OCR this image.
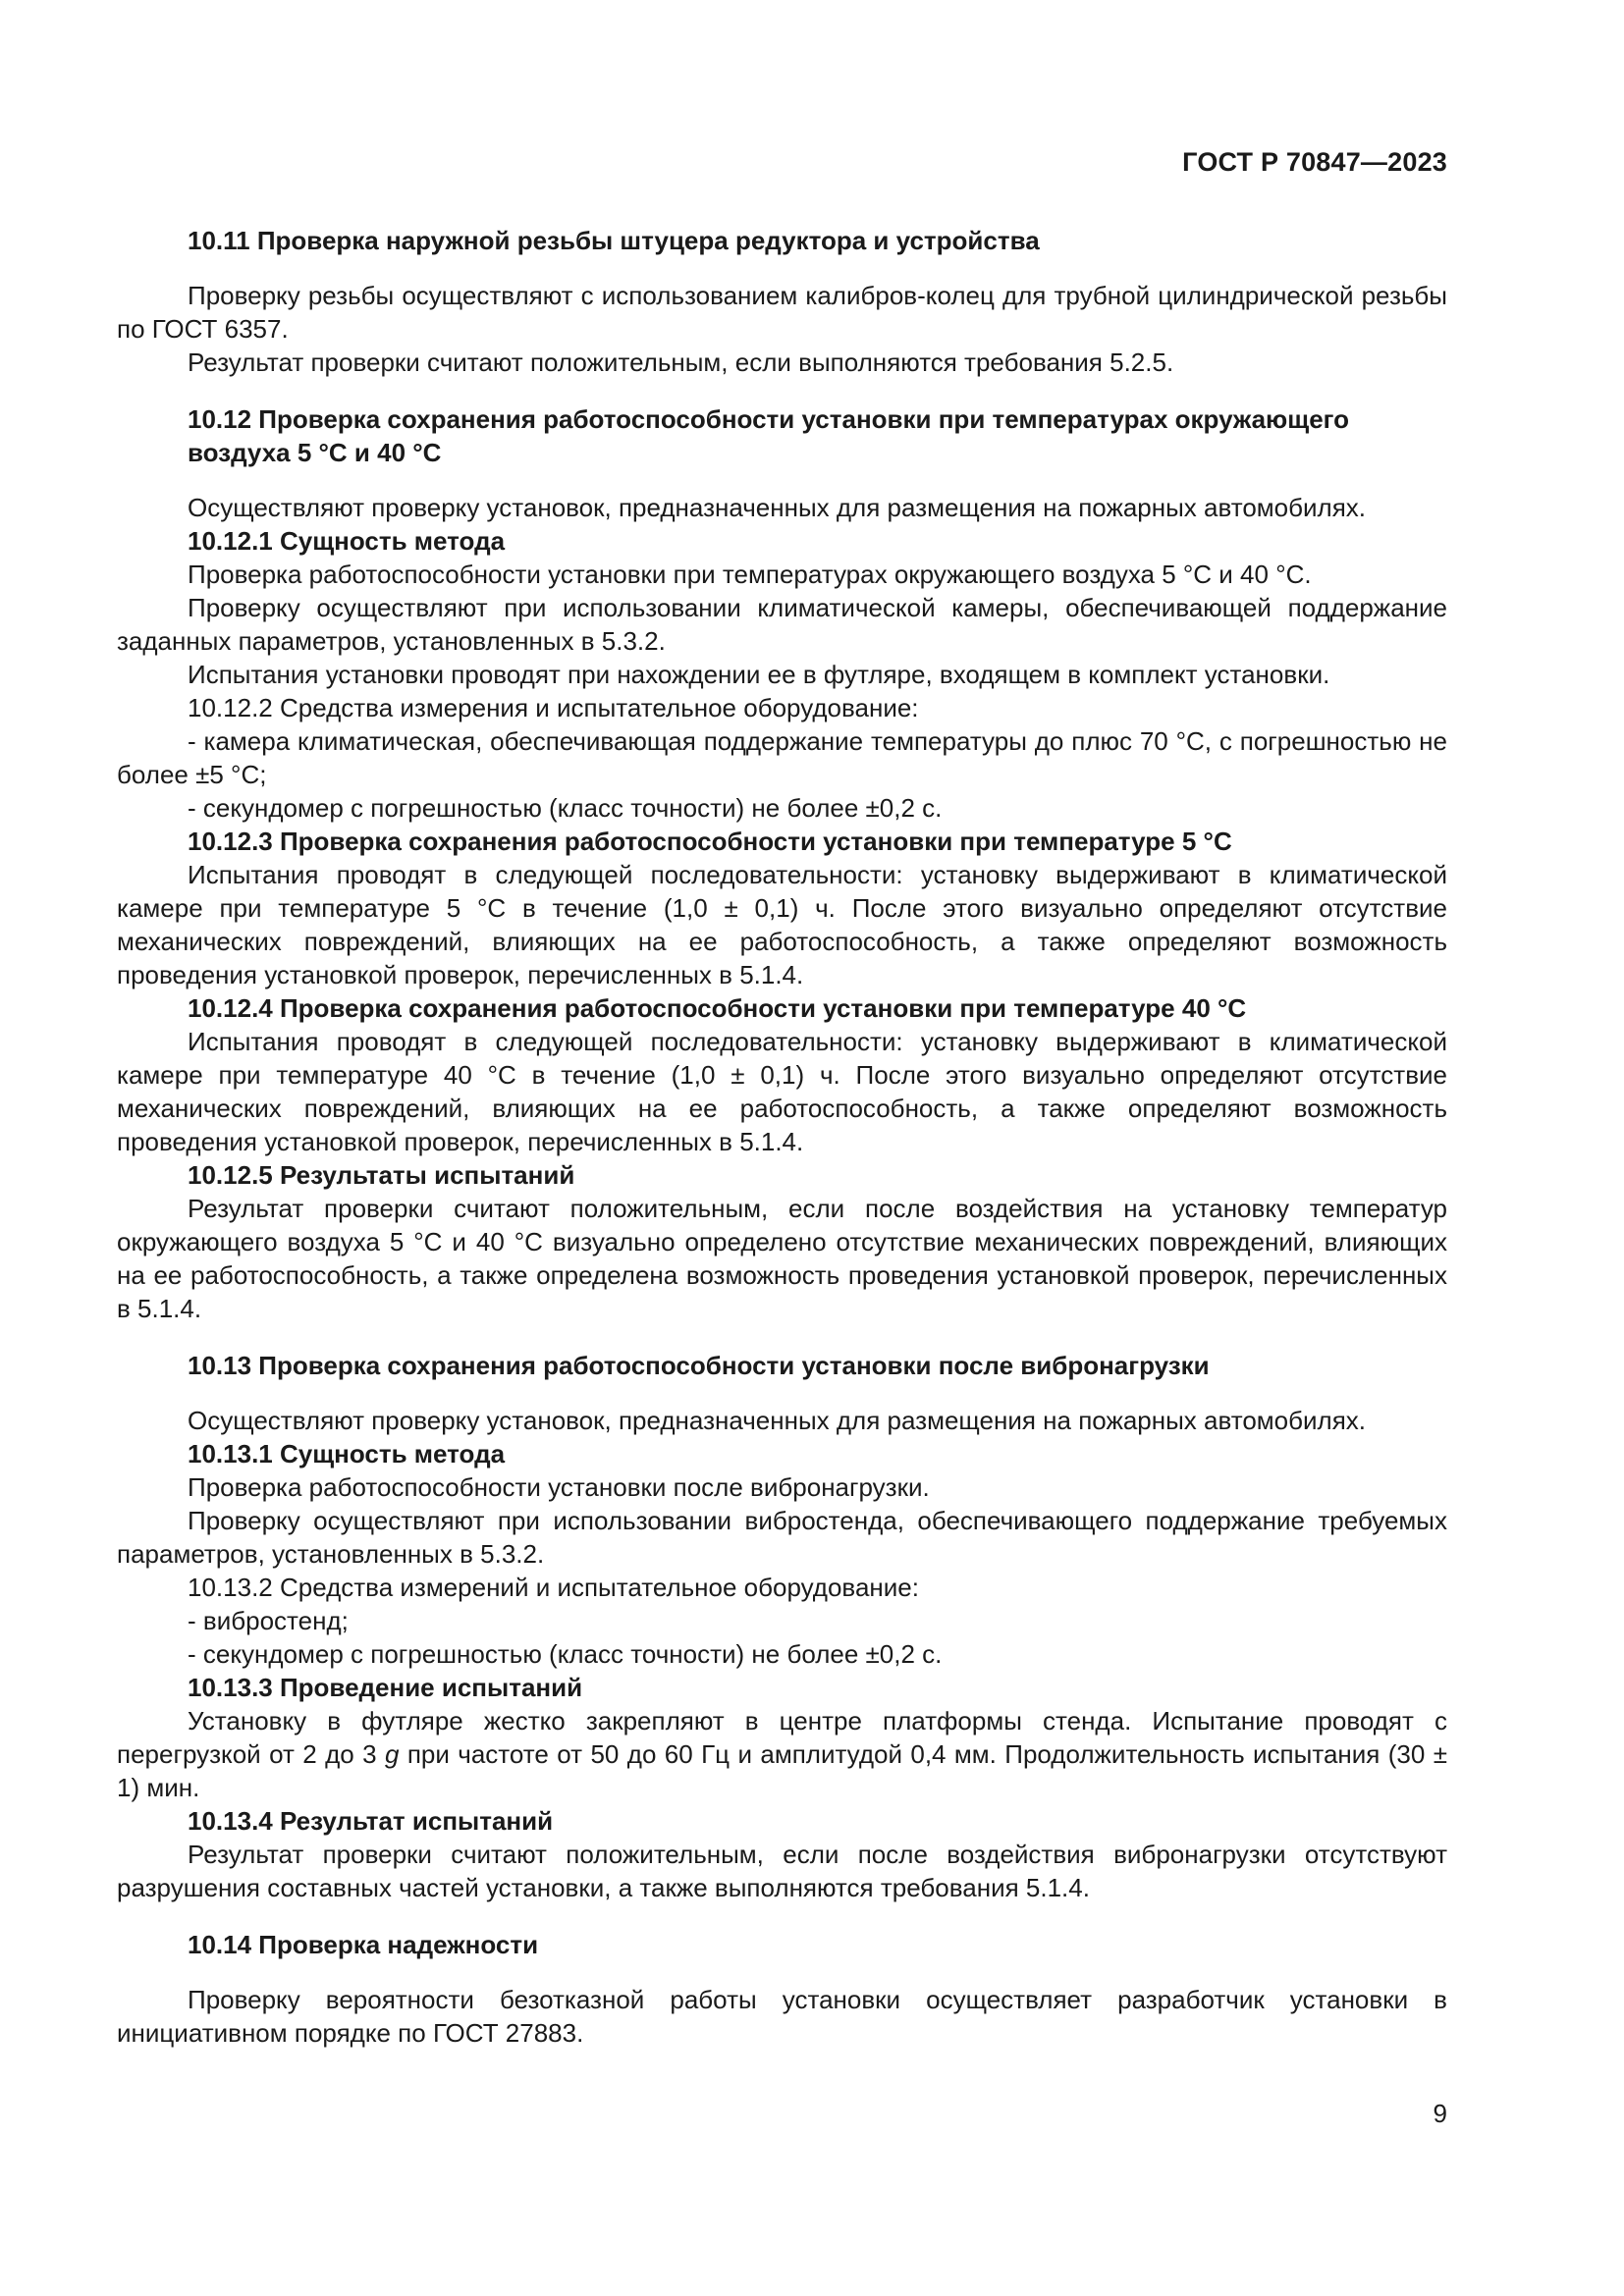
ГОСТ Р 70847—2023

10.11 Проверка наружной резьбы штуцера редуктора и устройства

Проверку резьбы осуществляют с использованием калибров-колец для трубной цилиндрической резьбы по ГОСТ 6357.

Результат проверки считают положительным, если выполняются требования 5.2.5.

10.12 Проверка сохранения работоспособности установки при температурах окружающего воздуха 5 °С и 40 °С

Осуществляют проверку установок, предназначенных для размещения на пожарных автомобилях.

10.12.1 Сущность метода

Проверка работоспособности установки при температурах окружающего воздуха 5 °С и 40 °С.

Проверку осуществляют при использовании климатической камеры, обеспечивающей поддержание заданных параметров, установленных в 5.3.2.

Испытания установки проводят при нахождении ее в футляре, входящем в комплект установки.

10.12.2 Средства измерения и испытательное оборудование:

- камера климатическая, обеспечивающая поддержание температуры до плюс 70 °С, с погрешностью не более ±5 °С;

- секундомер с погрешностью (класс точности) не более ±0,2 с.

10.12.3 Проверка сохранения работоспособности установки при температуре 5 °С

Испытания проводят в следующей последовательности: установку выдерживают в климатической камере при температуре 5 °С в течение (1,0 ± 0,1) ч. После этого визуально определяют отсутствие механических повреждений, влияющих на ее работоспособность, а также определяют возможность проведения установкой проверок, перечисленных в 5.1.4.

10.12.4 Проверка сохранения работоспособности установки при температуре 40 °С

Испытания проводят в следующей последовательности: установку выдерживают в климатической камере при температуре 40 °С в течение (1,0 ± 0,1) ч. После этого визуально определяют отсутствие механических повреждений, влияющих на ее работоспособность, а также определяют возможность проведения установкой проверок, перечисленных в 5.1.4.

10.12.5 Результаты испытаний

Результат проверки считают положительным, если после воздействия на установку температур окружающего воздуха 5 °С и 40 °С визуально определено отсутствие механических повреждений, влияющих на ее работоспособность, а также определена возможность проведения установкой проверок, перечисленных в 5.1.4.

10.13 Проверка сохранения работоспособности установки после вибронагрузки

Осуществляют проверку установок, предназначенных для размещения на пожарных автомобилях.

10.13.1 Сущность метода

Проверка работоспособности установки после вибронагрузки.

Проверку осуществляют при использовании вибростенда, обеспечивающего поддержание требуемых параметров, установленных в 5.3.2.

10.13.2 Средства измерений и испытательное оборудование:

- вибростенд;

- секундомер с погрешностью (класс точности) не более ±0,2 с.

10.13.3 Проведение испытаний

Установку в футляре жестко закрепляют в центре платформы стенда. Испытание проводят с перегрузкой от 2 до 3 g при частоте от 50 до 60 Гц и амплитудой 0,4 мм. Продолжительность испытания (30 ± 1) мин.

10.13.4 Результат испытаний

Результат проверки считают положительным, если после воздействия вибронагрузки отсутствуют разрушения составных частей установки, а также выполняются требования 5.1.4.

10.14 Проверка надежности

Проверку вероятности безотказной работы установки осуществляет разработчик установки в инициативном порядке по ГОСТ 27883.

9
